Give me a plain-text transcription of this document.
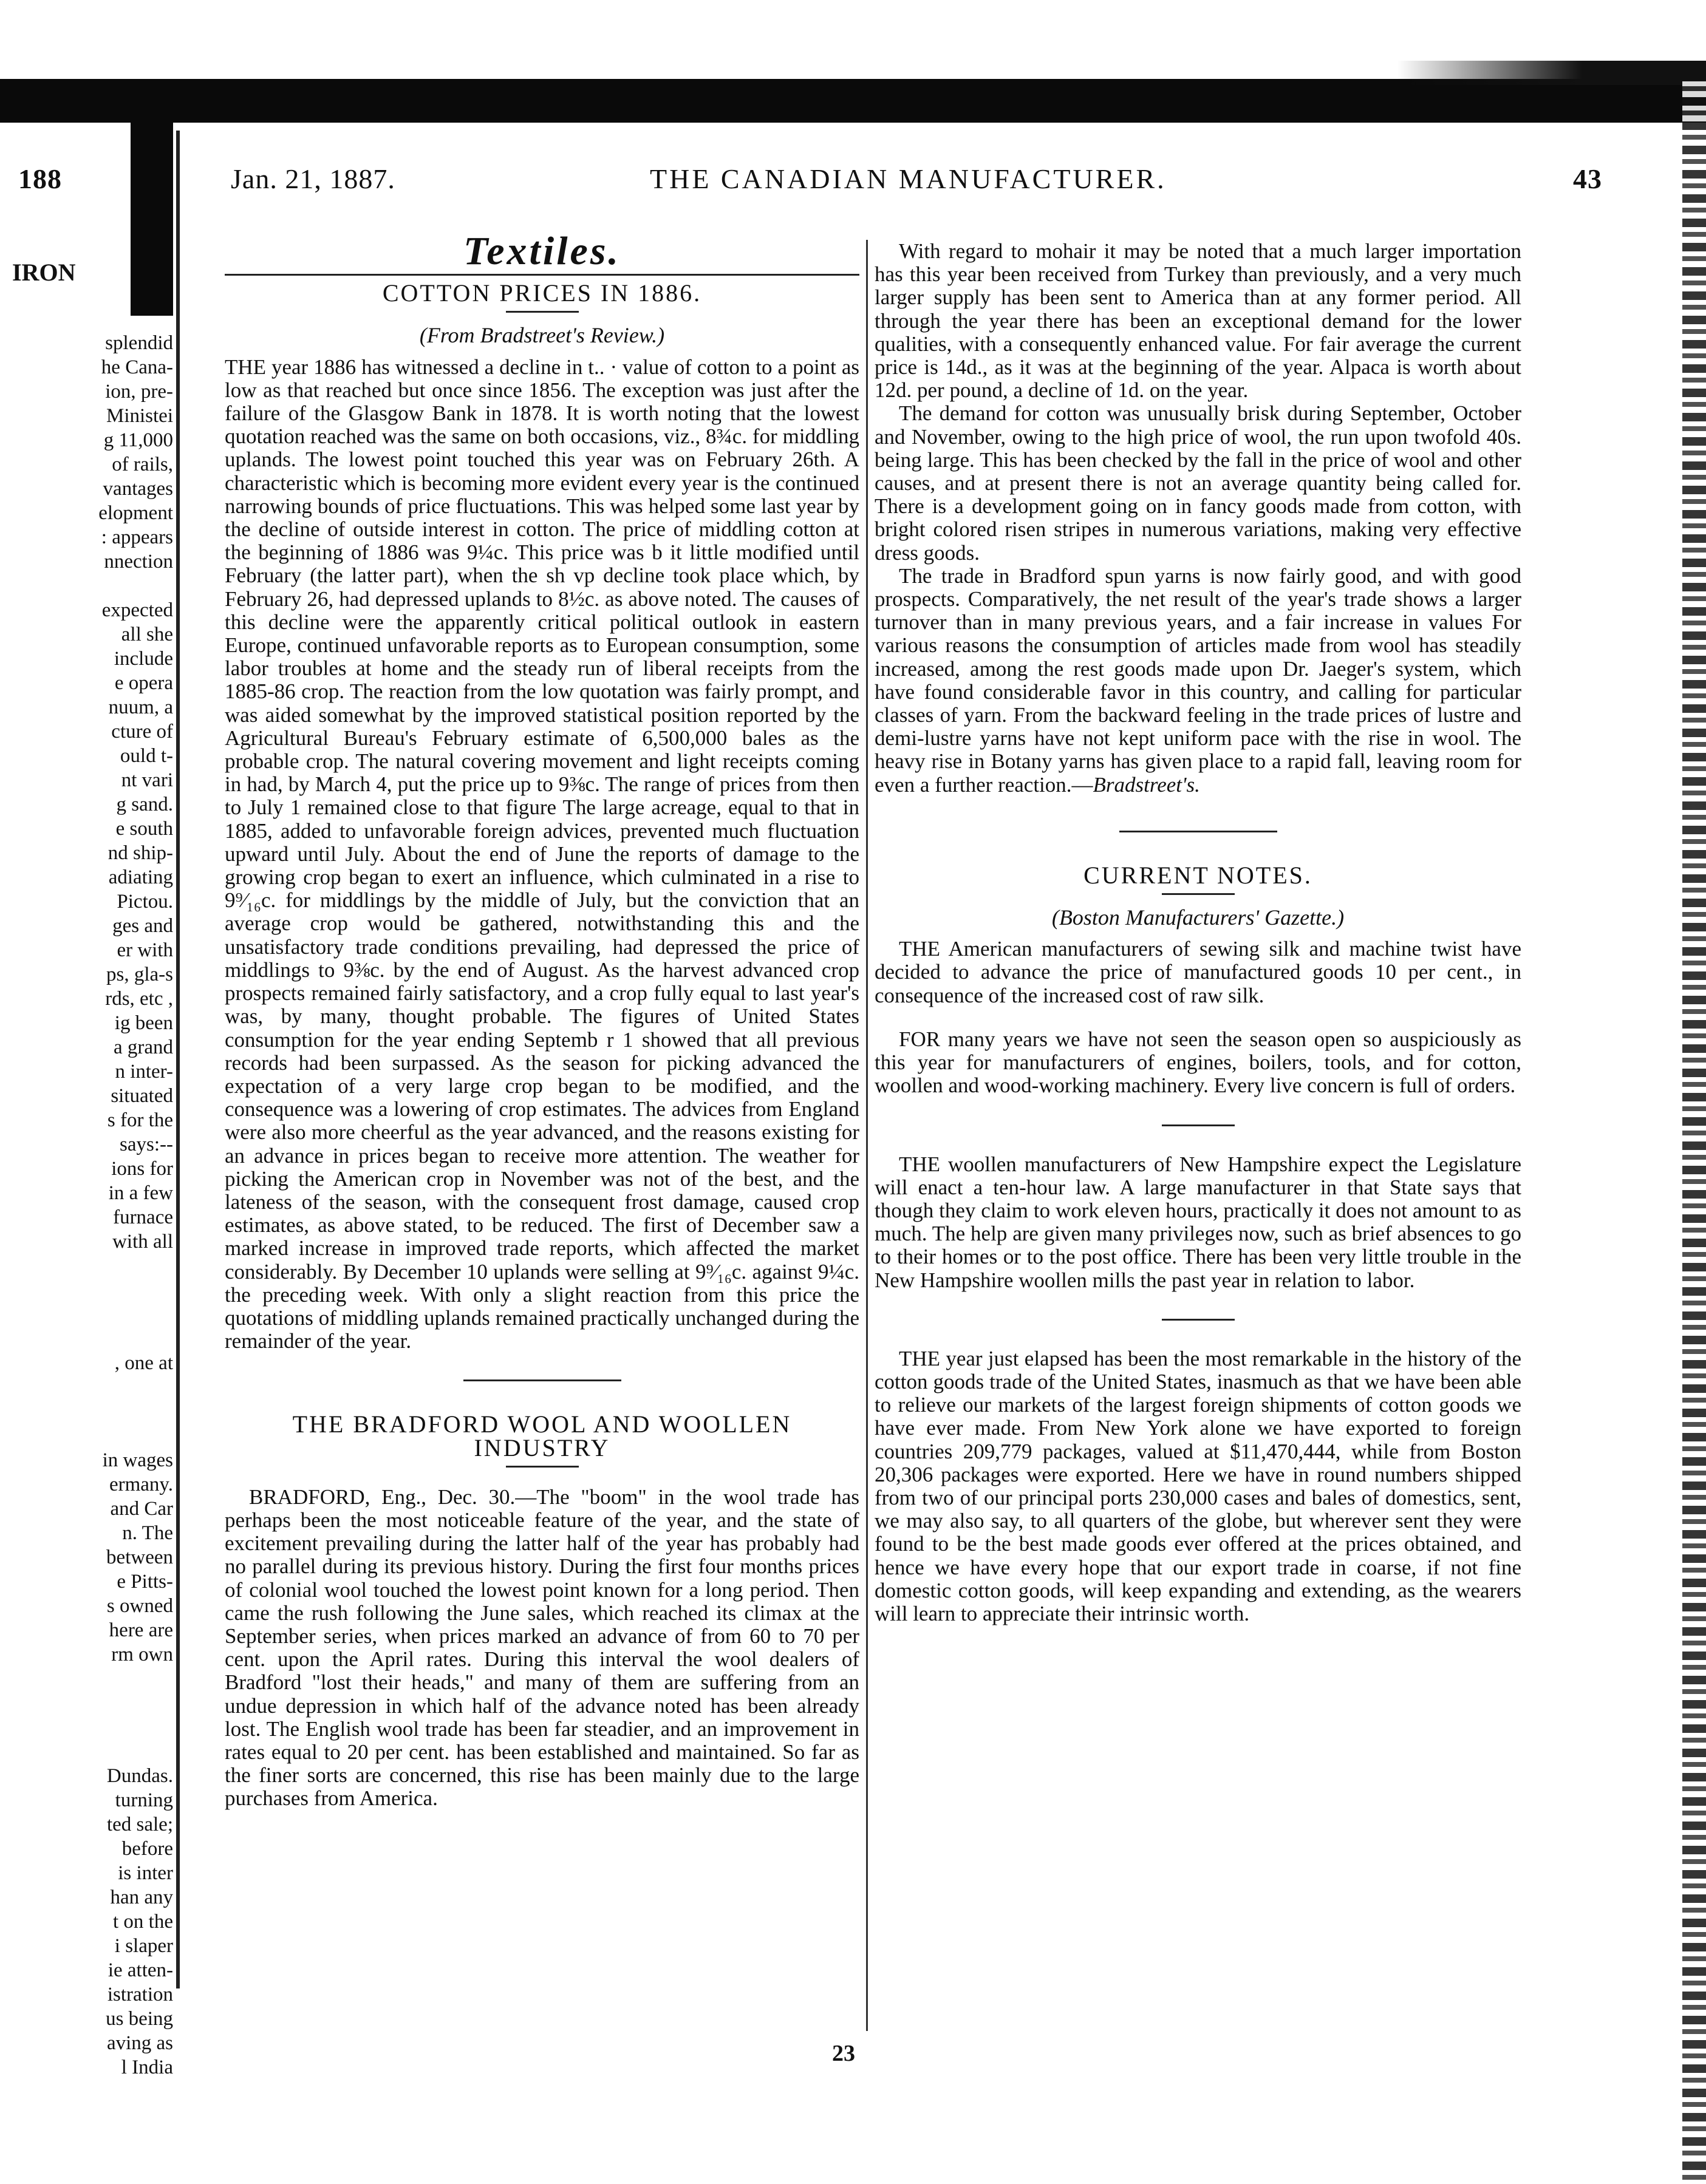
188	Jan. 21, 1887.	THE CANADIAN MANUFACTURER.	43
IRON
splendid
he Cana-
ion, pre-
Ministei
g 11,000
of rails,
vantages
elopment
: appears
nnection
expected
all she
include
e opera
nuum, a
cture of
ould t-
nt vari
g sand.
e south
nd ship-
adiating
Pictou.
ges and
er with
ps, gla-s
rds, etc ,
ig been
a grand
n inter-
situated
s for the
says:--
ions for
in a few
furnace
with all
, one at
in wages
ermany.
and Car
n. The
between
e Pitts-
s owned
here are
rm own
Dundas.
turning
ted sale;
before
is inter
han any
t on the
i slaper
ie atten-
istration
us being
aving as
l India
Textiles.
COTTON PRICES IN 1886.
(From Bradstreet's Review.)

THE year 1886 has witnessed a decline in t.. · value of cotton to a point as low as that reached but once since 1856. The exception was just after the failure of the Glasgow Bank in 1878. It is worth noting that the lowest quotation reached was the same on both occasions, viz., 8¾c. for middling uplands. The lowest point touched this year was on February 26th. A characteristic which is becoming more evident every year is the continued narrowing bounds of price fluctuations. This was helped some last year by the decline of outside interest in cotton. The price of middling cotton at the beginning of 1886 was 9¼c. This price was b it little modified until February (the latter part), when the sh vp decline took place which, by February 26, had depressed uplands to 8½c. as above noted. The causes of this decline were the apparently critical political outlook in eastern Europe, continued unfavorable reports as to European consumption, some labor troubles at home and the steady run of liberal receipts from the 1885-86 crop. The reaction from the low quotation was fairly prompt, and was aided somewhat by the improved statistical position reported by the Agricultural Bureau's February estimate of 6,500,000 bales as the probable crop. The natural covering movement and light receipts coming in had, by March 4, put the price up to 9⅜c. The range of prices from then to July 1 remained close to that figure The large acreage, equal to that in 1885, added to unfavorable foreign advices, prevented much fluctuation upward until July. About the end of June the reports of damage to the growing crop began to exert an influence, which culminated in a rise to 9⁹⁄₁₆c. for middlings by the middle of July, but the conviction that an average crop would be gathered, notwithstanding this and the unsatisfactory trade conditions prevailing, had depressed the price of middlings to 9⅜c. by the end of August. As the harvest advanced crop prospects remained fairly satisfactory, and a crop fully equal to last year's was, by many, thought probable. The figures of United States consumption for the year ending Septemb r 1 showed that all previous records had been surpassed. As the season for picking advanced the expectation of a very large crop began to be modified, and the consequence was a lowering of crop estimates. The advices from England were also more cheerful as the year advanced, and the reasons existing for an advance in prices began to receive more attention. The weather for picking the American crop in November was not of the best, and the lateness of the season, with the consequent frost damage, caused crop estimates, as above stated, to be reduced. The first of December saw a marked increase in improved trade reports, which affected the market considerably. By December 10 uplands were selling at 9⁹⁄₁₆c. against 9¼c. the preceding week. With only a slight reaction from this price the quotations of middling uplands remained practically unchanged during the remainder of the year.

THE BRADFORD WOOL AND WOOLLEN INDUSTRY

BRADFORD, Eng., Dec. 30.—The "boom" in the wool trade has perhaps been the most noticeable feature of the year, and the state of excitement prevailing during the latter half of the year has probably had no parallel during its previous history. During the first four months prices of colonial wool touched the lowest point known for a long period. Then came the rush following the June sales, which reached its climax at the September series, when prices marked an advance of from 60 to 70 per cent. upon the April rates. During this interval the wool dealers of Bradford "lost their heads," and many of them are suffering from an undue depression in which half of the advance noted has been already lost. The English wool trade has been far steadier, and an improvement in rates equal to 20 per cent. has been established and maintained. So far as the finer sorts are concerned, this rise has been mainly due to the large purchases from America.

With regard to mohair it may be noted that a much larger importation has this year been received from Turkey than previously, and a very much larger supply has been sent to America than at any former period. All through the year there has been an exceptional demand for the lower qualities, with a consequently enhanced value. For fair average the current price is 14d., as it was at the beginning of the year. Alpaca is worth about 12d. per pound, a decline of 1d. on the year.

The demand for cotton was unusually brisk during September, October and November, owing to the high price of wool, the run upon twofold 40s. being large. This has been checked by the fall in the price of wool and other causes, and at present there is not an average quantity being called for. There is a development going on in fancy goods made from cotton, with bright colored risen stripes in numerous variations, making very effective dress goods.

The trade in Bradford spun yarns is now fairly good, and with good prospects. Comparatively, the net result of the year's trade shows a larger turnover than in many previous years, and a fair increase in values For various reasons the consumption of articles made from wool has steadily increased, among the rest goods made upon Dr. Jaeger's system, which have found considerable favor in this country, and calling for particular classes of yarn. From the backward feeling in the trade prices of lustre and demi-lustre yarns have not kept uniform pace with the rise in wool. The heavy rise in Botany yarns has given place to a rapid fall, leaving room for even a further reaction.—Bradstreet's.

CURRENT NOTES.
(Boston Manufacturers' Gazette.)

THE American manufacturers of sewing silk and machine twist have decided to advance the price of manufactured goods 10 per cent., in consequence of the increased cost of raw silk.

FOR many years we have not seen the season open so auspiciously as this year for manufacturers of engines, boilers, tools, and for cotton, woollen and wood-working machinery. Every live concern is full of orders.

THE woollen manufacturers of New Hampshire expect the Legislature will enact a ten-hour law. A large manufacturer in that State says that though they claim to work eleven hours, practically it does not amount to as much. The help are given many privileges now, such as brief absences to go to their homes or to the post office. There has been very little trouble in the New Hampshire woollen mills the past year in relation to labor.

THE year just elapsed has been the most remarkable in the history of the cotton goods trade of the United States, inasmuch as that we have been able to relieve our markets of the largest foreign shipments of cotton goods we have ever made. From New York alone we have exported to foreign countries 209,779 packages, valued at $11,470,444, while from Boston 20,306 packages were exported. Here we have in round numbers shipped from two of our principal ports 230,000 cases and bales of domestics, sent, we may also say, to all quarters of the globe, but wherever sent they were found to be the best made goods ever offered at the prices obtained, and hence we have every hope that our export trade in coarse, if not fine domestic cotton goods, will keep expanding and extending, as the wearers will learn to appreciate their intrinsic worth.

23
